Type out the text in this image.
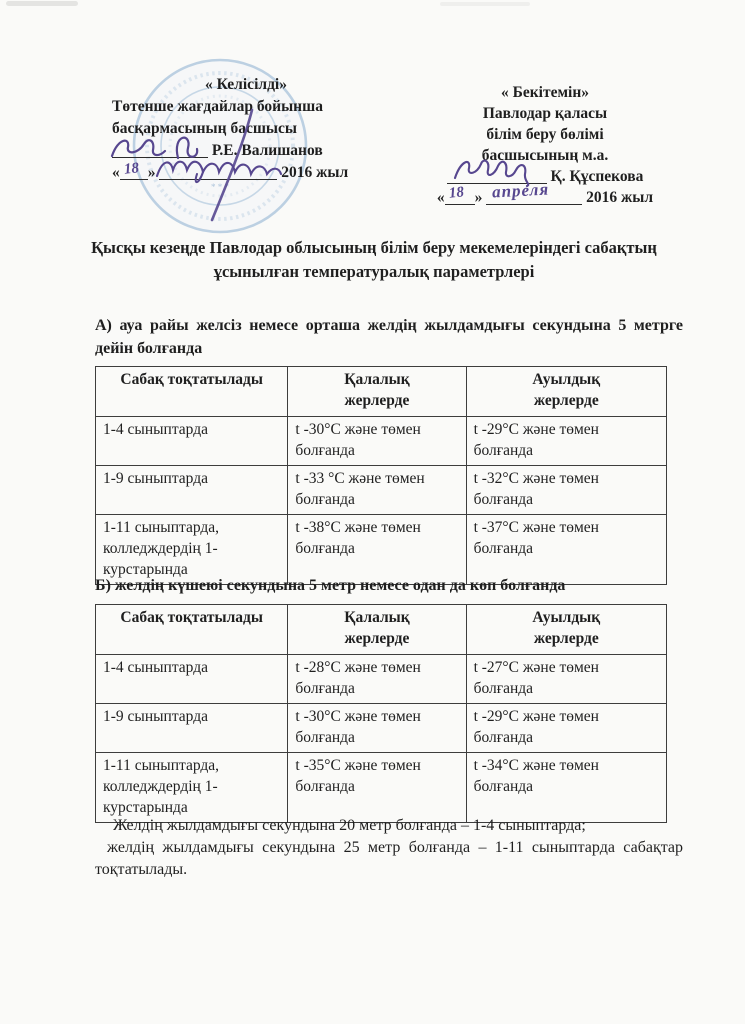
* * *
« Келісілді»
Төтенше жағдайлар бойынша
басқармасының басшысы
Р.Е. Валишанов
« 18 »	2016 жыл
« Бекітемін»
Павлодар қаласы
білім беру бөлімі
басшысының м.а.
Қ. Құспекова
« 18 » апреля 2016 жыл
Қысқы кезеңде Павлодар облысының білім беру мекемелеріндегі сабақтың ұсынылған температуралық параметрлері
А) ауа райы желсіз немесе орташа желдің жылдамдығы секундына 5 метрге дейін болғанда
Сабақ тоқтатылады	Қалалық жерлерде	Ауылдық жерлерде
1-4 сыныптарда	t -30°С және төмен болғанда	t -29°С және төмен болғанда
1-9 сыныптарда	t -33 °С және төмен болғанда	t -32°С және төмен болғанда
1-11 сыныптарда, колледждердің 1-курстарында	t -38°С және төмен болғанда	t -37°С және төмен болғанда
Б) желдің күшеюі секундына 5 метр немесе одан да көп болғанда
Сабақ тоқтатылады	Қалалық жерлерде	Ауылдық жерлерде
1-4 сыныптарда	t -28°С және төмен болғанда	t -27°С және төмен болғанда
1-9 сыныптарда	t -30°С және төмен болғанда	t -29°С және төмен болғанда
1-11 сыныптарда, колледждердің 1-курстарында	t -35°С және төмен болғанда	t -34°С және төмен болғанда

Желдің жылдамдығы секундына 20 метр болғанда – 1-4 сыныптарда;

желдің жылдамдығы секундына 25 метр болғанда – 1-11 сыныптарда сабақтар тоқтатылады.
